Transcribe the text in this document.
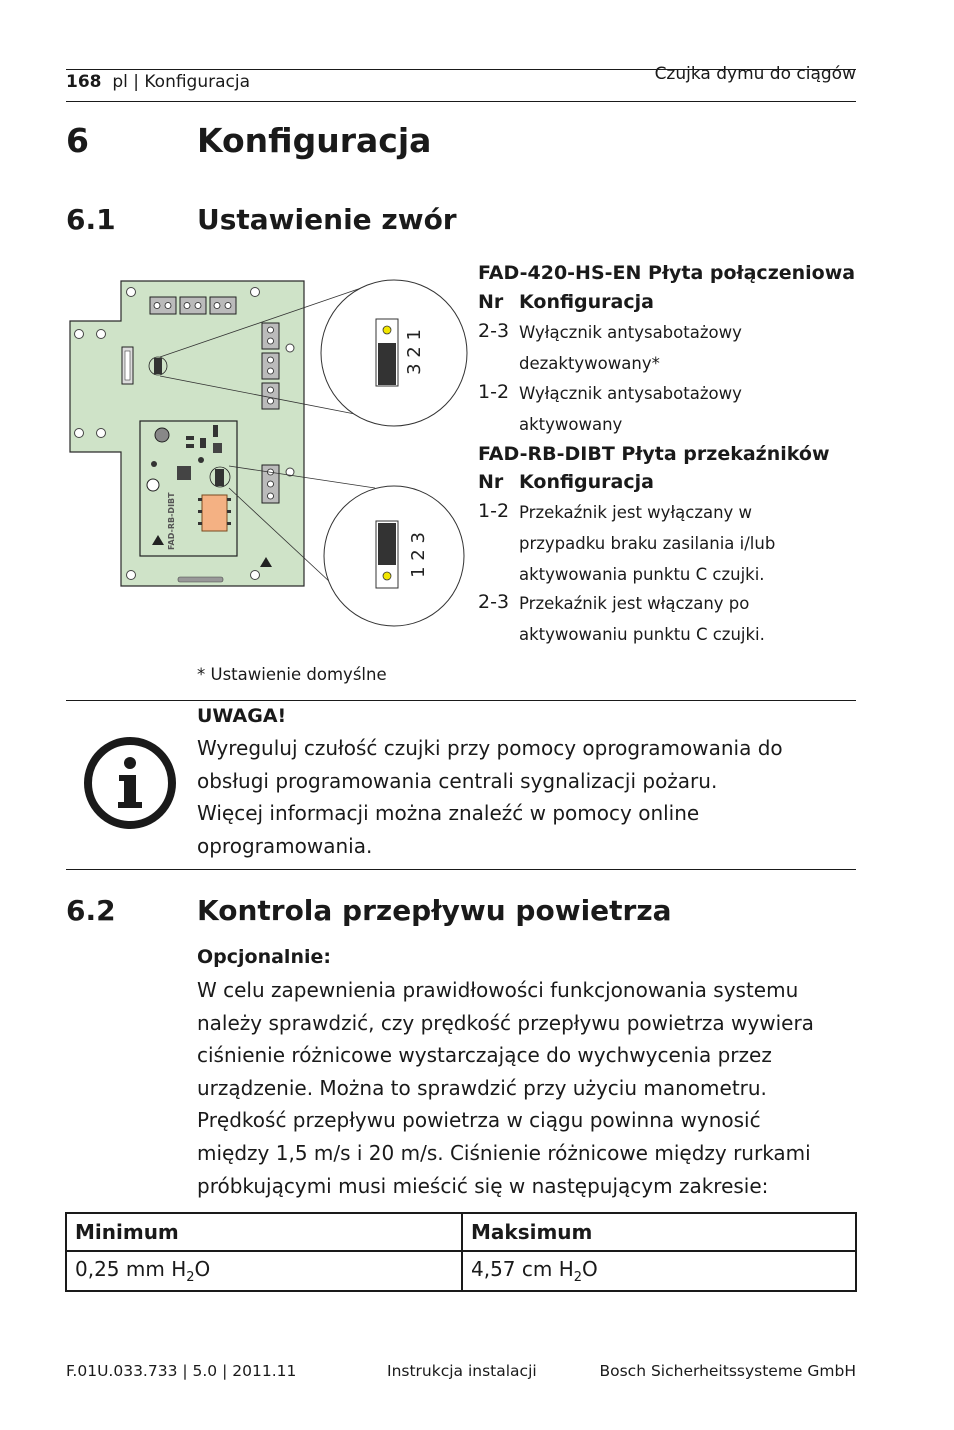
168 pl | Konfiguracja	Czujka dymu do ciągów
6	Konfiguracja
6.1	Ustawienie zwór
FAD-RB-DIBT
3 2 1
1 2 3
FAD-420-HS-EN Płyta połączeniowa
Nr Konfiguracja
2-3 Wyłącznik antysabotażowy
dezaktywowany*
1-2 Wyłącznik antysabotażowy
aktywowany
FAD-RB-DIBT Płyta przekaźników
Nr Konfiguracja
1-2 Przekaźnik jest wyłączany w
przypadku braku zasilania i/lub
aktywowania punktu C czujki.
2-3 Przekaźnik jest włączany po
aktywowaniu punktu C czujki.
* Ustawienie domyślne
UWAGA!
Wyreguluj czułość czujki przy pomocy oprogramowania do
obsługi programowania centrali sygnalizacji pożaru.
Więcej informacji można znaleźć w pomocy online
oprogramowania.
6.2	Kontrola przepływu powietrza
Opcjonalnie:
W celu zapewnienia prawidłowości funkcjonowania systemu
należy sprawdzić, czy prędkość przepływu powietrza wywiera
ciśnienie różnicowe wystarczające do wychwycenia przez
urządzenie. Można to sprawdzić przy użyciu manometru.
Prędkość przepływu powietrza w ciągu powinna wynosić
między 1,5 m/s i 20 m/s. Ciśnienie różnicowe między rurkami
próbkującymi musi mieścić się w następującym zakresie:
Minimum	Maksimum
0,25 mm $H_2O$	4,57 cm $H_2O$
F.01U.033.733 | 5.0 | 2011.11	Instrukcja instalacji	Bosch Sicherheitssysteme GmbH
